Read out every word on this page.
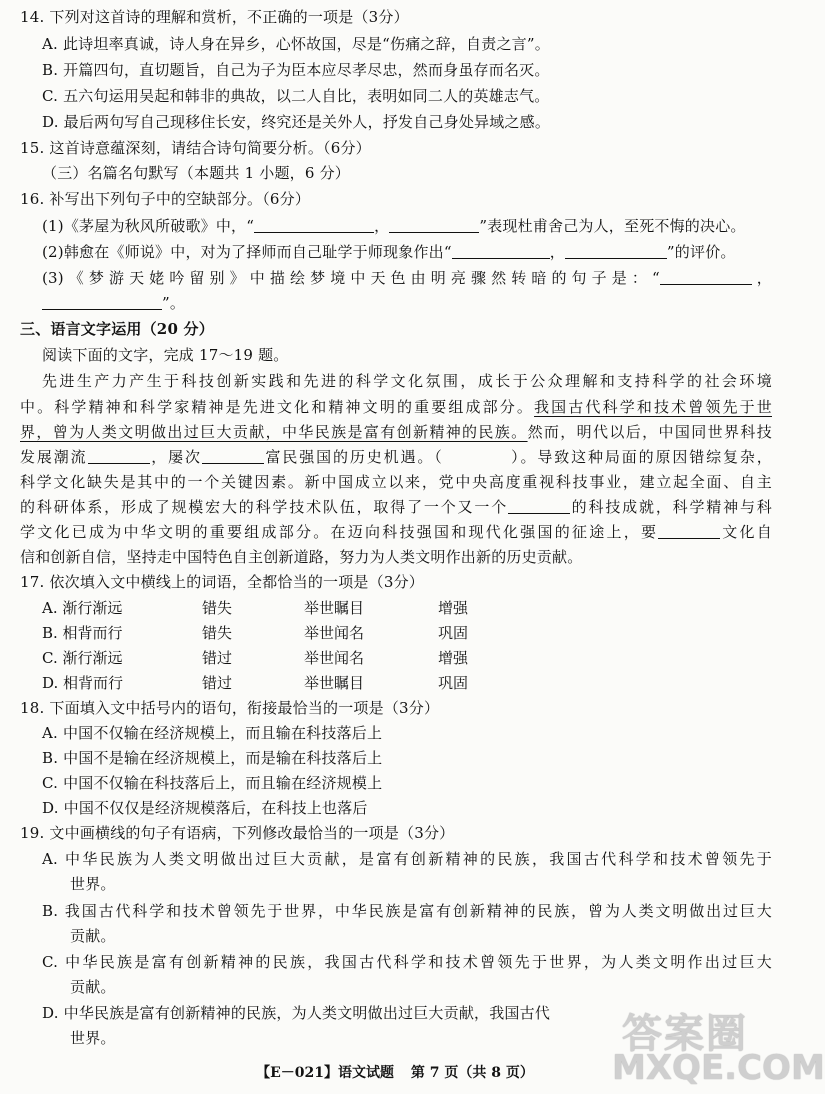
14. 下列对这首诗的理解和赏析，不正确的一项是（3分）
A. 此诗坦率真诚，诗人身在异乡，心怀故国，尽是“伤痛之辞，自责之言”。
B. 开篇四句，直切题旨，自己为子为臣本应尽孝尽忠，然而身虽存而名灭。
C. 五六句运用吴起和韩非的典故，以二人自比，表明如同二人的英雄志气。
D. 最后两句写自己现移住长安，终究还是关外人，抒发自己身处异域之感。
15. 这首诗意蕴深刻，请结合诗句简要分析。（6分）
（三）名篇名句默写（本题共 1 小题，6 分）
16. 补写出下列句子中的空缺部分。（6分）
(1)《茅屋为秋风所破歌》中，“	，	”表现杜甫舍己为人，至死不悔的决心。
(2)韩愈在《师说》中，对为了择师而自己耻学于师现象作出“	，	”的评价。
(3)《梦游天姥吟留别》中描绘梦境中天色由明亮骤然转暗的句子是：“	，
”。
三、语言文字运用（20 分）
阅读下面的文字，完成 17～19 题。
先进生产力产生于科技创新实践和先进的科学文化氛围，成长于公众理解和支持科学的社会环境
中。科学精神和科学家精神是先进文化和精神文明的重要组成部分。我国古代科学和技术曾领先于世
界，曾为人类文明做出过巨大贡献，中华民族是富有创新精神的民族。然而，明代以后，中国同世界科技
发展潮流	，屡次	富民强国的历史机遇。（　　　　）。导致这种局面的原因错综复杂，
科学文化缺失是其中的一个关键因素。新中国成立以来，党中央高度重视科技事业，建立起全面、自主
的科研体系，形成了规模宏大的科学技术队伍，取得了一个又一个	的科技成就，科学精神与科
学文化已成为中华文明的重要组成部分。在迈向科技强国和现代化强国的征途上，要	文化自
信和创新自信，坚持走中国特色自主创新道路，努力为人类文明作出新的历史贡献。
17. 依次填入文中横线上的词语，全都恰当的一项是（3分）
A. 渐行渐远	错失	举世瞩目	增强
B. 相背而行	错失	举世闻名	巩固
C. 渐行渐远	错过	举世闻名	增强
D. 相背而行	错过	举世瞩目	巩固
18. 下面填入文中括号内的语句，衔接最恰当的一项是（3分）
A. 中国不仅输在经济规模上，而且输在科技落后上
B. 中国不是输在经济规模上，而是输在科技落后上
C. 中国不仅输在科技落后上，而且输在经济规模上
D. 中国不仅仅是经济规模落后，在科技上也落后
19. 文中画横线的句子有语病，下列修改最恰当的一项是（3分）
A. 中华民族为人类文明做出过巨大贡献，是富有创新精神的民族，我国古代科学和技术曾领先于
世界。
B. 我国古代科学和技术曾领先于世界，中华民族是富有创新精神的民族，曾为人类文明做出过巨大
贡献。
C. 中华民族是富有创新精神的民族，我国古代科学和技术曾领先于世界，为人类文明作出过巨大
贡献。
D. 中华民族是富有创新精神的民族，为人类文明做出过巨大贡献，我国古代
世界。
【E－021】语文试题 第 7 页（共 8 页）
答案圈
MXQE.COM
